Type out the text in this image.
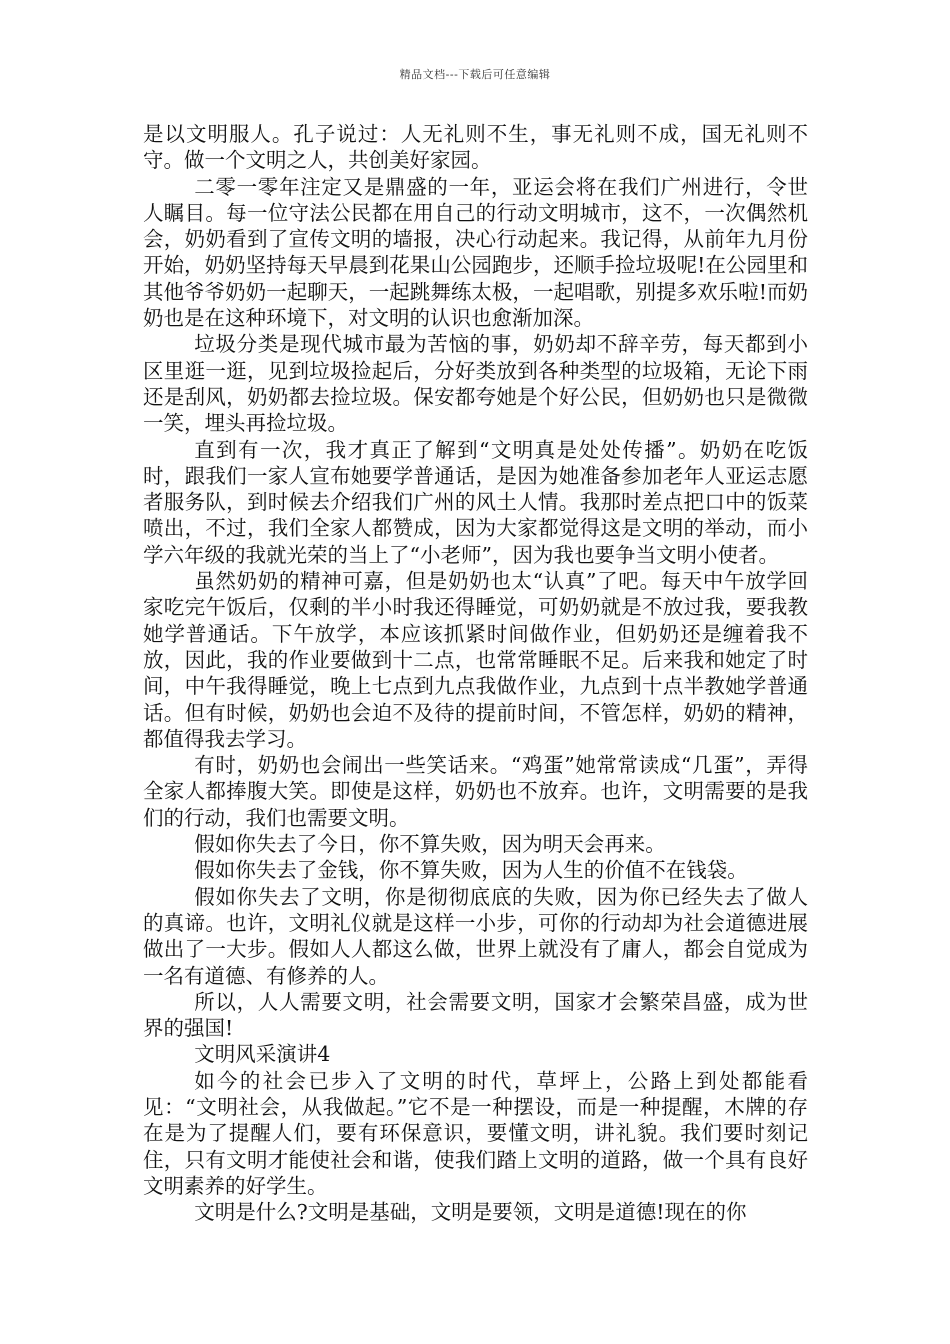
精品文档---下载后可任意编辑

是以文明服人。孔子说过：人无礼则不生，事无礼则不成，国无礼则不守。做一个文明之人，共创美好家园。

二零一零年注定又是鼎盛的一年，亚运会将在我们广州进行，令世人瞩目。每一位守法公民都在用自己的行动文明城市，这不，一次偶然机会，奶奶看到了宣传文明的墙报，决心行动起来。我记得，从前年九月份开始，奶奶坚持每天早晨到花果山公园跑步，还顺手捡垃圾呢!在公园里和其他爷爷奶奶一起聊天，一起跳舞练太极，一起唱歌，别提多欢乐啦!而奶奶也是在这种环境下，对文明的认识也愈渐加深。

垃圾分类是现代城市最为苦恼的事，奶奶却不辞辛劳，每天都到小区里逛一逛，见到垃圾捡起后，分好类放到各种类型的垃圾箱，无论下雨还是刮风，奶奶都去捡垃圾。保安都夸她是个好公民，但奶奶也只是微微一笑，埋头再捡垃圾。

直到有一次，我才真正了解到“文明真是处处传播”。奶奶在吃饭时，跟我们一家人宣布她要学普通话，是因为她准备参加老年人亚运志愿者服务队，到时候去介绍我们广州的风土人情。我那时差点把口中的饭菜喷出，不过，我们全家人都赞成，因为大家都觉得这是文明的举动，而小学六年级的我就光荣的当上了“小老师”，因为我也要争当文明小使者。

虽然奶奶的精神可嘉，但是奶奶也太“认真”了吧。每天中午放学回家吃完午饭后，仅剩的半小时我还得睡觉，可奶奶就是不放过我，要我教她学普通话。下午放学，本应该抓紧时间做作业，但奶奶还是缠着我不放，因此，我的作业要做到十二点，也常常睡眠不足。后来我和她定了时间，中午我得睡觉，晚上七点到九点我做作业，九点到十点半教她学普通话。但有时候，奶奶也会迫不及待的提前时间，不管怎样，奶奶的精神，都值得我去学习。

有时，奶奶也会闹出一些笑话来。“鸡蛋”她常常读成“几蛋”，弄得全家人都捧腹大笑。即使是这样，奶奶也不放弃。也许，文明需要的是我们的行动，我们也需要文明。

假如你失去了今日，你不算失败，因为明天会再来。

假如你失去了金钱，你不算失败，因为人生的价值不在钱袋。

假如你失去了文明，你是彻彻底底的失败，因为你已经失去了做人的真谛。也许，文明礼仪就是这样一小步，可你的行动却为社会道德进展做出了一大步。假如人人都这么做，世界上就没有了庸人，都会自觉成为一名有道德、有修养的人。

所以，人人需要文明，社会需要文明，国家才会繁荣昌盛，成为世界的强国!

文明风采演讲4

如今的社会已步入了文明的时代，草坪上，公路上到处都能看见：“文明社会，从我做起。”它不是一种摆设，而是一种提醒，木牌的存在是为了提醒人们，要有环保意识，要懂文明，讲礼貌。我们要时刻记住，只有文明才能使社会和谐，使我们踏上文明的道路，做一个具有良好文明素养的好学生。

文明是什么?文明是基础，文明是要领，文明是道德!现在的你
